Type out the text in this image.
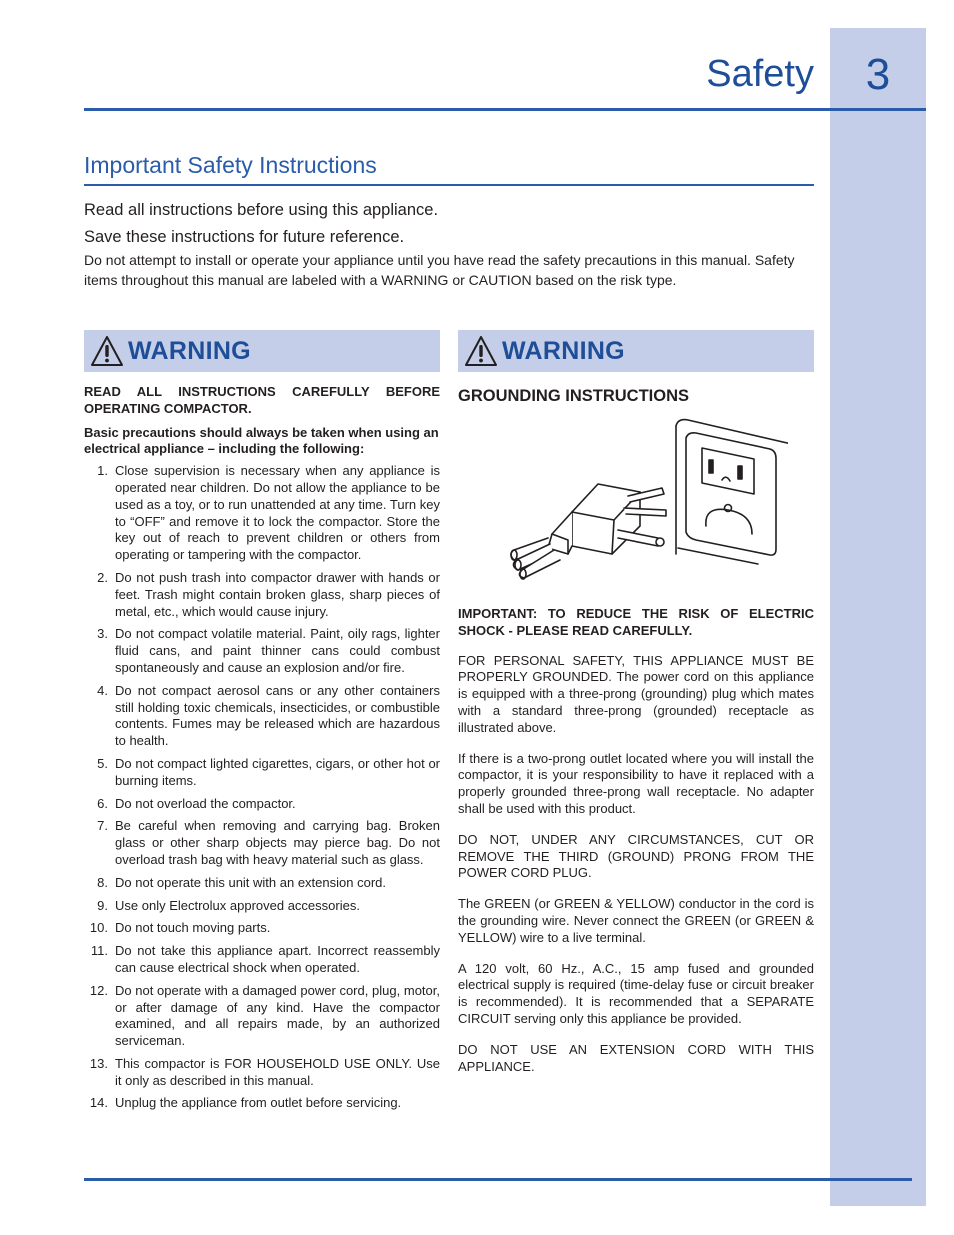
3
Safety
Important Safety Instructions
Read all instructions before using this appliance.
Save these instructions for future reference.
Do not attempt to install or operate your appliance until you have read the safety precautions in this manual. Safety items throughout this manual are labeled with a WARNING or CAUTION based on the risk type.
WARNING	WARNING
READ ALL INSTRUCTIONS CAREFULLY BEFORE OPERATING COMPACTOR.
Basic precautions should always be taken when using an electrical appliance – including the following:
1. Close supervision is necessary when any appliance is operated near children. Do not allow the appliance to be used as a toy, or to run unattended at any time. Turn key to “OFF” and remove it to lock the compactor. Store the key out of reach to prevent children or others from operating or tampering with the compactor.
2. Do not push trash into compactor drawer with hands or feet. Trash might contain broken glass, sharp pieces of metal, etc., which would cause injury.
3. Do not compact volatile material. Paint, oily rags, lighter fluid cans, and paint thinner cans could combust spontaneously and cause an explosion and/or fire.
4. Do not compact aerosol cans or any other containers still holding toxic chemicals, insecticides, or combustible contents. Fumes may be released which are hazardous to health.
5. Do not compact lighted cigarettes, cigars, or other hot or burning items.
6. Do not overload the compactor.
7. Be careful when removing and carrying bag. Broken glass or other sharp objects may pierce bag. Do not overload trash bag with heavy material such as glass.
8. Do not operate this unit with an extension cord.
9. Use only Electrolux approved accessories.
10. Do not touch moving parts.
11. Do not take this appliance apart. Incorrect reassembly can cause electrical shock when operated.
12. Do not operate with a damaged power cord, plug, motor, or after damage of any kind. Have the compactor examined, and all repairs made, by an authorized serviceman.
13. This compactor is FOR HOUSEHOLD USE ONLY. Use it only as described in this manual.
14. Unplug the appliance from outlet before servicing.
GROUNDING INSTRUCTIONS

IMPORTANT: TO REDUCE THE RISK OF ELECTRIC SHOCK - PLEASE READ CAREFULLY.

FOR PERSONAL SAFETY, THIS APPLIANCE MUST BE PROPERLY GROUNDED. The power cord on this appliance is equipped with a three-prong (grounding) plug which mates with a standard three-prong (grounded) receptacle as illustrated above.

If there is a two-prong outlet located where you will install the compactor, it is your responsibility to have it replaced with a properly grounded three-prong wall receptacle. No adapter shall be used with this product.

DO NOT, UNDER ANY CIRCUMSTANCES, CUT OR REMOVE THE THIRD (GROUND) PRONG FROM THE POWER CORD PLUG.

The GREEN (or GREEN & YELLOW) conductor in the cord is the grounding wire. Never connect the GREEN (or GREEN & YELLOW) wire to a live terminal.

A 120 volt, 60 Hz., A.C., 15 amp fused and grounded electrical supply is required (time-delay fuse or circuit breaker is recommended). It is recommended that a SEPARATE CIRCUIT serving only this appliance be provided.

DO NOT USE AN EXTENSION CORD WITH THIS APPLIANCE.
